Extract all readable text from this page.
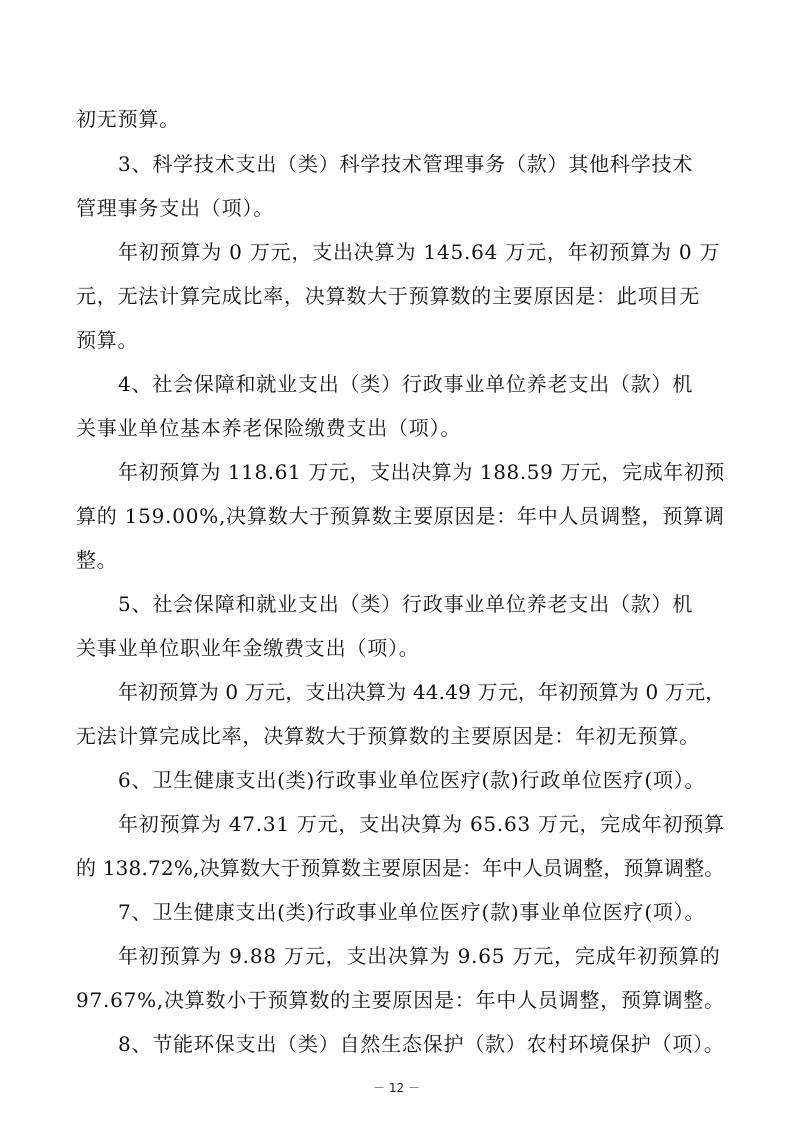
初无预算。
3、科学技术支出（类）科学技术管理事务（款）其他科学技术
管理事务支出（项）。
年初预算为 0 万元，支出决算为 145.64 万元，年初预算为 0 万
元，无法计算完成比率，决算数大于预算数的主要原因是：此项目无
预算。
4、社会保障和就业支出（类）行政事业单位养老支出（款）机
关事业单位基本养老保险缴费支出（项）。
年初预算为 118.61 万元，支出决算为 188.59 万元，完成年初预
算的 159.00%,决算数大于预算数主要原因是：年中人员调整，预算调
整。
5、社会保障和就业支出（类）行政事业单位养老支出（款）机
关事业单位职业年金缴费支出（项）。
年初预算为 0 万元，支出决算为 44.49 万元，年初预算为 0 万元，
无法计算完成比率，决算数大于预算数的主要原因是：年初无预算。
6、卫生健康支出(类)行政事业单位医疗(款)行政单位医疗(项）。
年初预算为 47.31 万元，支出决算为 65.63 万元，完成年初预算
的 138.72%,决算数大于预算数主要原因是：年中人员调整，预算调整。
7、卫生健康支出(类)行政事业单位医疗(款)事业单位医疗(项）。
年初预算为 9.88 万元，支出决算为 9.65 万元，完成年初预算的
97.67%,决算数小于预算数的主要原因是：年中人员调整，预算调整。
8、节能环保支出（类）自然生态保护（款）农村环境保护（项）。
－ 12 －
